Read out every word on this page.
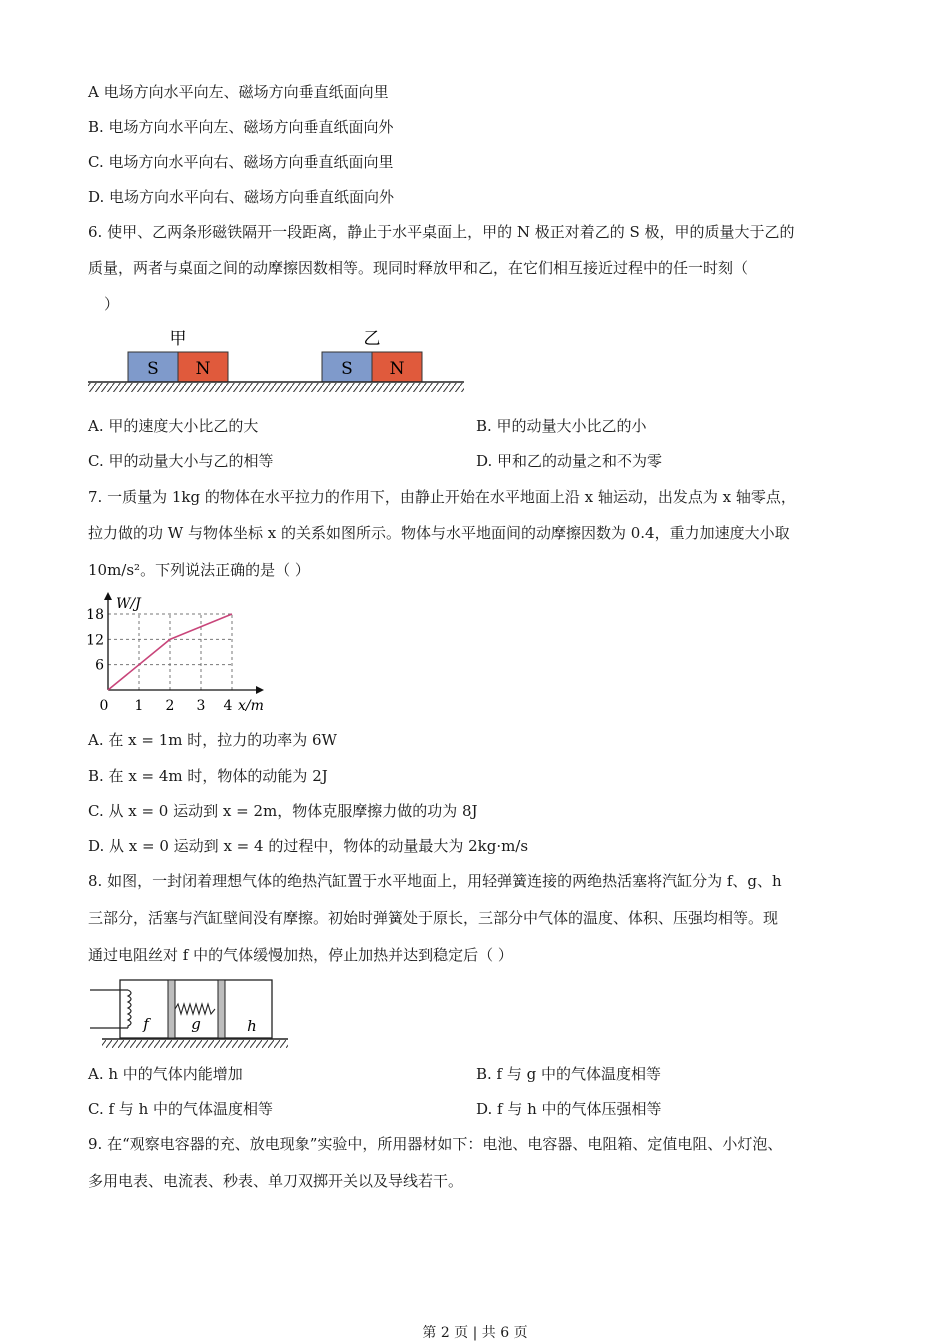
A 电场方向水平向左、磁场方向垂直纸面向里
B. 电场方向水平向左、磁场方向垂直纸面向外
C. 电场方向水平向右、磁场方向垂直纸面向里
D. 电场方向水平向右、磁场方向垂直纸面向外
6. 使甲、乙两条形磁铁隔开一段距离，静止于水平桌面上，甲的 N 极正对着乙的 S 极，甲的质量大于乙的
质量，两者与桌面之间的动摩擦因数相等。现同时释放甲和乙，在它们相互接近过程中的任一时刻（
）
甲	乙
S N	S N
A. 甲的速度大小比乙的大	B. 甲的动量大小比乙的小
C. 甲的动量大小与乙的相等	D. 甲和乙的动量之和不为零
7. 一质量为 1kg 的物体在水平拉力的作用下，由静止开始在水平地面上沿 x 轴运动，出发点为 x 轴零点，
拉力做的功 W 与物体坐标 x 的关系如图所示。物体与水平地面间的动摩擦因数为 0.4，重力加速度大小取
10m/s²。下列说法正确的是（ ）
W/J
x/m
0 1 2 3 4
6
12
18
A. 在 x = 1m 时，拉力的功率为 6W
B. 在 x = 4m 时，物体的动能为 2J
C. 从 x = 0 运动到 x = 2m，物体克服摩擦力做的功为 8J
D. 从 x = 0 运动到 x = 4 的过程中，物体的动量最大为 2kg·m/s
8. 如图，一封闭着理想气体的绝热汽缸置于水平地面上，用轻弹簧连接的两绝热活塞将汽缸分为 f、g、h
三部分，活塞与汽缸壁间没有摩擦。初始时弹簧处于原长，三部分中气体的温度、体积、压强均相等。现
通过电阻丝对 f 中的气体缓慢加热，停止加热并达到稳定后（ ）
f	g	h
A. h 中的气体内能增加	B. f 与 g 中的气体温度相等
C. f 与 h 中的气体温度相等	D. f 与 h 中的气体压强相等
9. 在“观察电容器的充、放电现象”实验中，所用器材如下：电池、电容器、电阻箱、定值电阻、小灯泡、
多用电表、电流表、秒表、单刀双掷开关以及导线若干。
第 2 页 | 共 6 页
